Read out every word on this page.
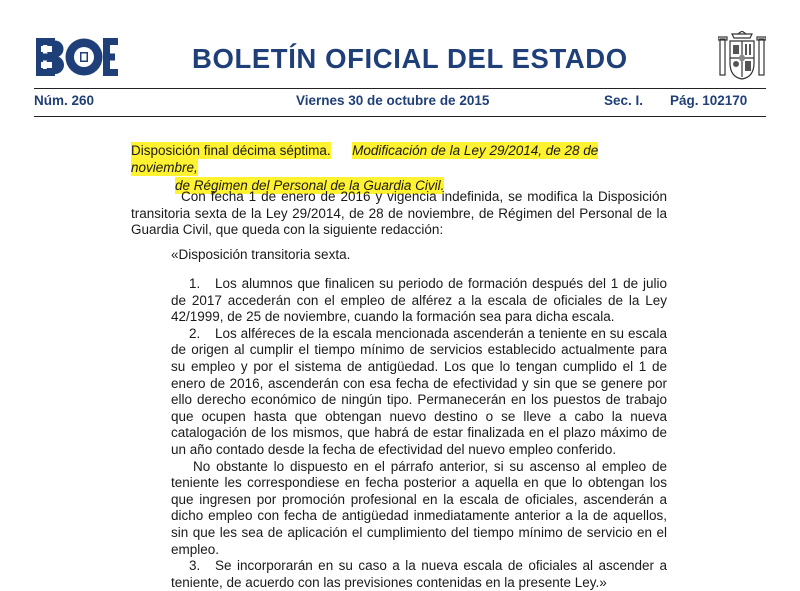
BOLETÍN OFICIAL DEL ESTADO
Núm. 260	Viernes 30 de octubre de 2015	Sec. I. Pág. 102170

Disposición final décima séptima. Modificación de la Ley 29/2014, de 28 de noviembre,

de Régimen del Personal de la Guardia Civil.

Con fecha 1 de enero de 2016 y vigencia indefinida, se modifica la Disposición transitoria sexta de la Ley 29/2014, de 28 de noviembre, de Régimen del Personal de la Guardia Civil, que queda con la siguiente redacción:

«Disposición transitoria sexta.

1. Los alumnos que finalicen su periodo de formación después del 1 de julio de 2017 accederán con el empleo de alférez a la escala de oficiales de la Ley 42/1999, de 25 de noviembre, cuando la formación sea para dicha escala.

2. Los alféreces de la escala mencionada ascenderán a teniente en su escala de origen al cumplir el tiempo mínimo de servicios establecido actualmente para su empleo y por el sistema de antigüedad. Los que lo tengan cumplido el 1 de enero de 2016, ascenderán con esa fecha de efectividad y sin que se genere por ello derecho económico de ningún tipo. Permanecerán en los puestos de trabajo que ocupen hasta que obtengan nuevo destino o se lleve a cabo la nueva catalogación de los mismos, que habrá de estar finalizada en el plazo máximo de un año contado desde la fecha de efectividad del nuevo empleo conferido.

No obstante lo dispuesto en el párrafo anterior, si su ascenso al empleo de teniente les correspondiese en fecha posterior a aquella en que lo obtengan los que ingresen por promoción profesional en la escala de oficiales, ascenderán a dicho empleo con fecha de antigüedad inmediatamente anterior a la de aquellos, sin que les sea de aplicación el cumplimiento del tiempo mínimo de servicio en el empleo.

3. Se incorporarán en su caso a la nueva escala de oficiales al ascender a teniente, de acuerdo con las previsiones contenidas en la presente Ley.»
